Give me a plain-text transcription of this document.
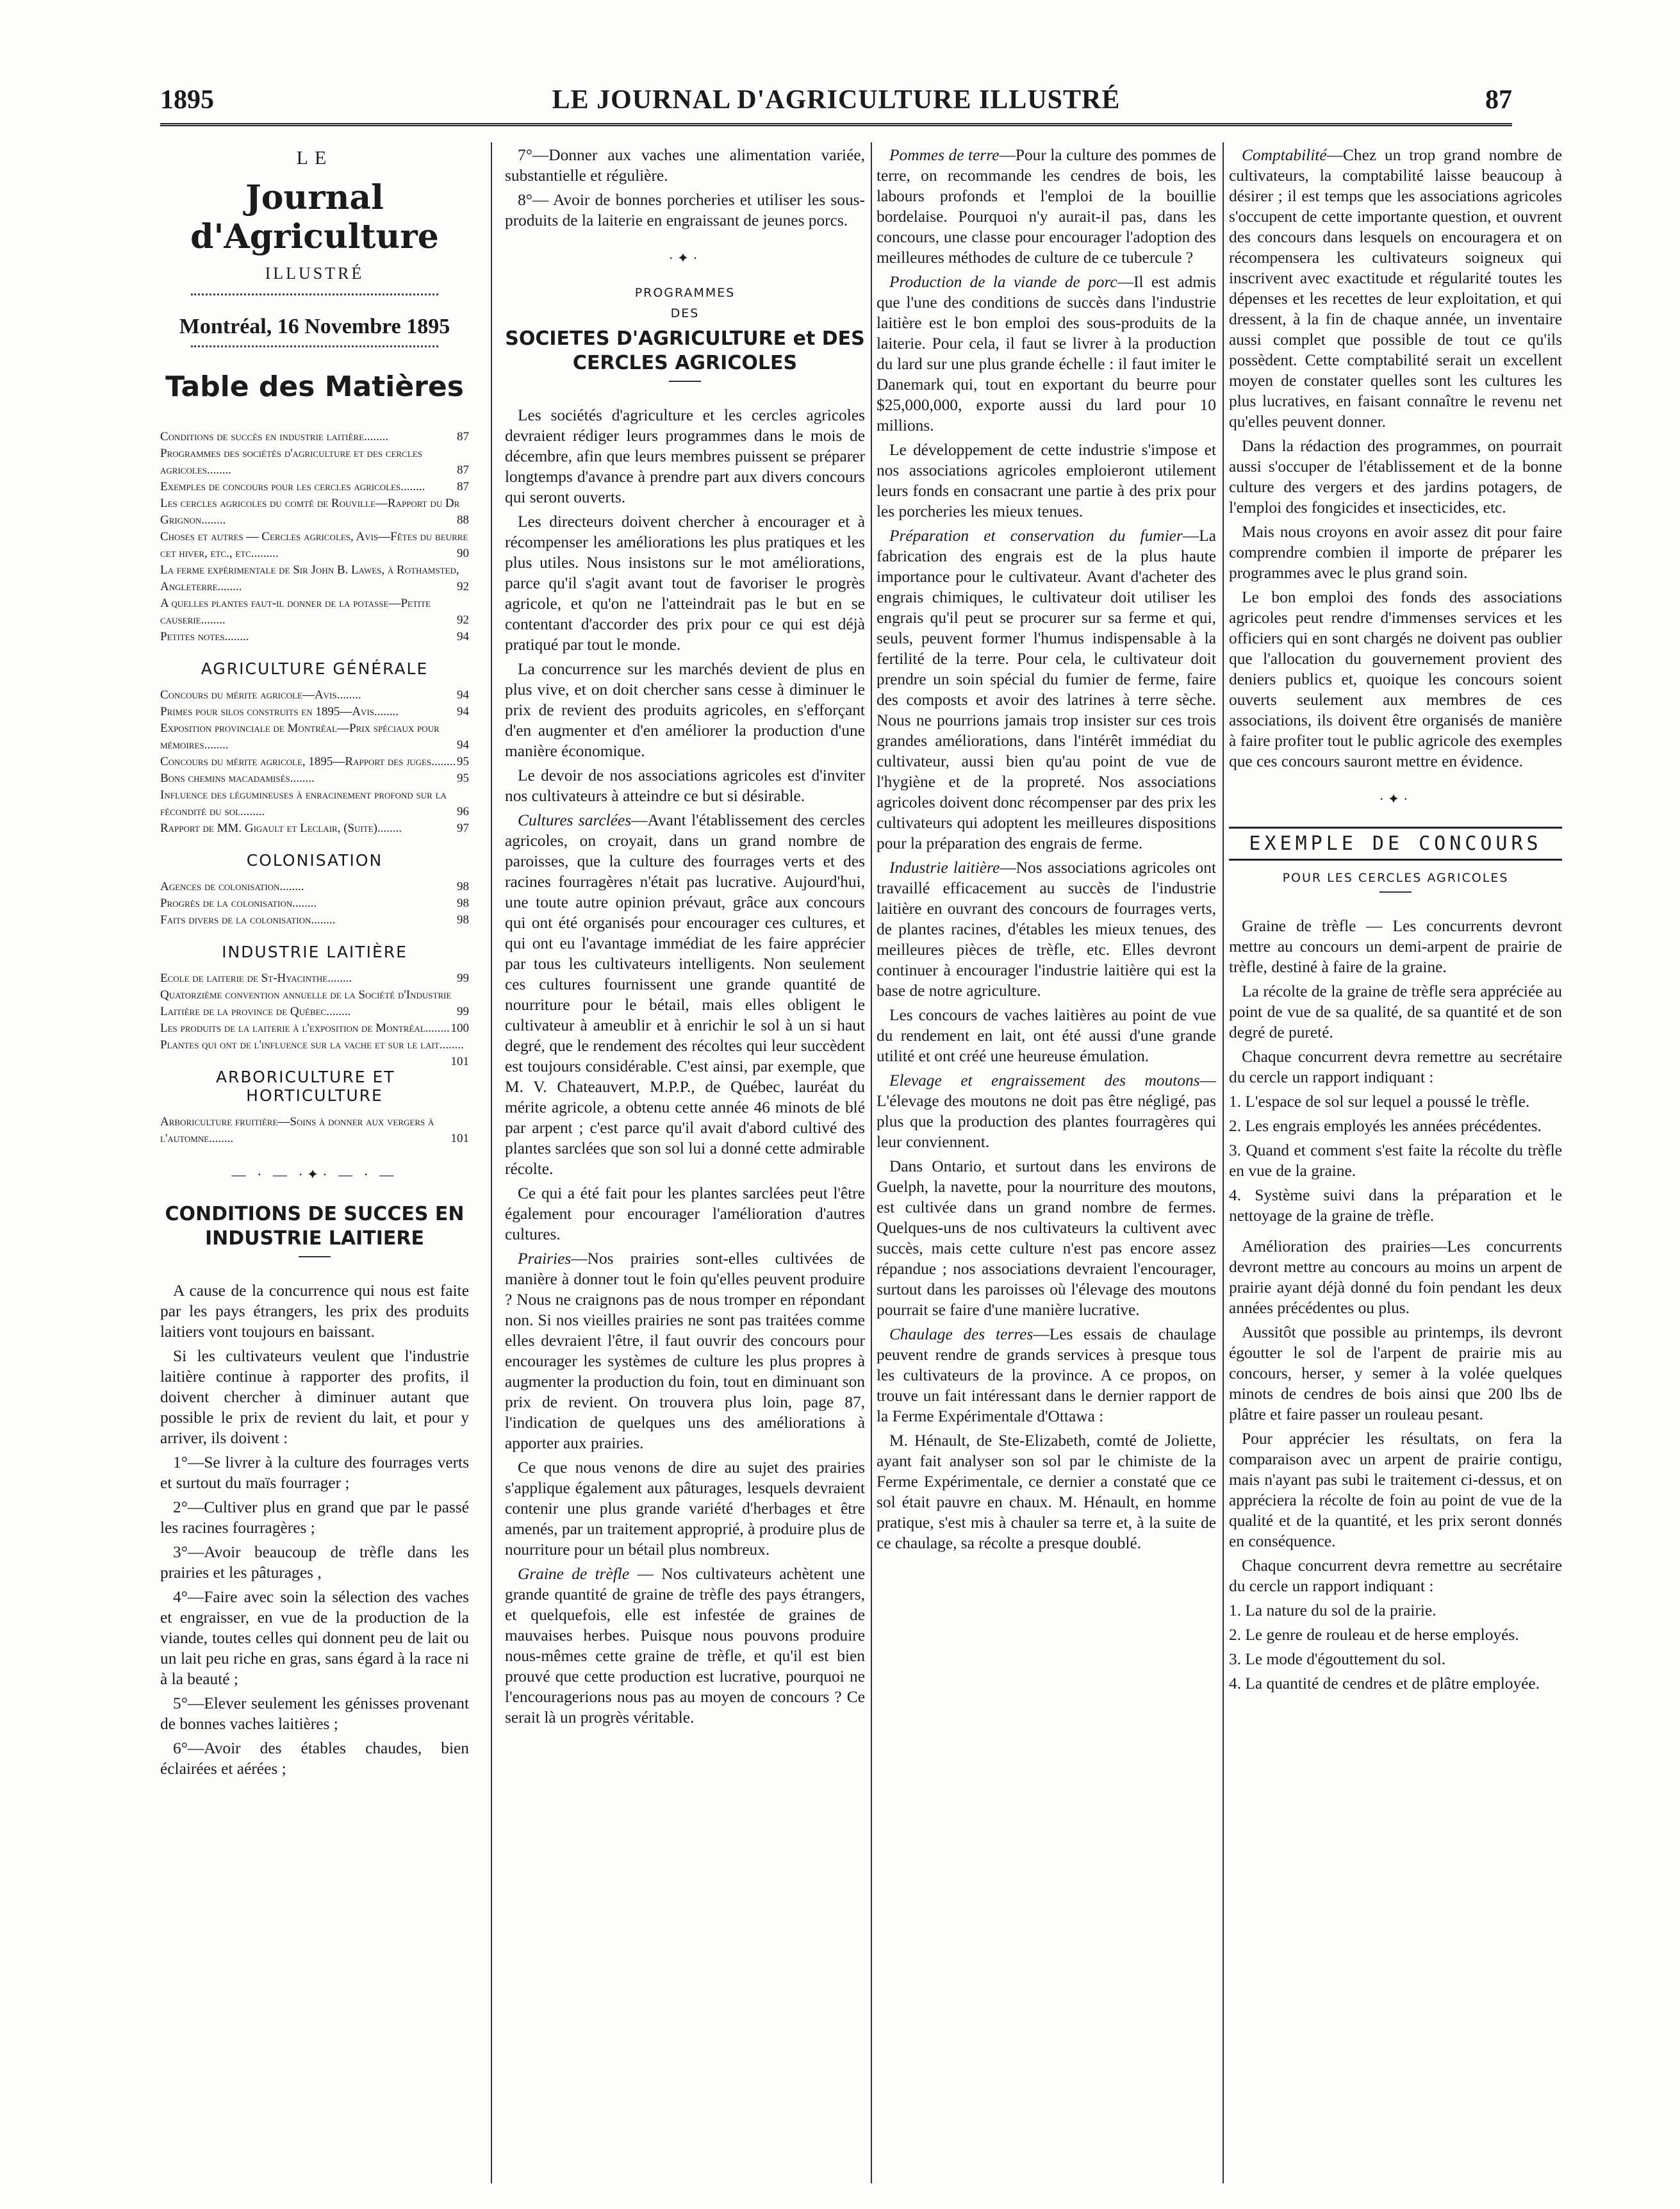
1895	LE JOURNAL D'AGRICULTURE ILLUSTRÉ	87
LE
Journal d'Agriculture
ILLUSTRÉ
Montréal, 16 Novembre 1895
Table des Matières

Conditions de succès en industrie laitière........	87

Programmes des sociétés d'agriculture et des cercles agricoles........	87

Exemples de concours pour les cercles agricoles........	87

Les cercles agricoles du comté de Rouville—Rapport du Dr Grignon........	88

Choses et autres — Cercles agricoles, Avis—Fêtes du beurre cet hiver, etc., etc.........	90

La ferme expérimentale de Sir John B. Lawes, à Rothamsted, Angleterre........	92

A quelles plantes faut-il donner de la potasse—Petite causerie........	92

Petites notes........	94

AGRICULTURE GÉNÉRALE

Concours du mérite agricole—Avis........	94

Primes pour silos construits en 1895—Avis........	94

Exposition provinciale de Montréal—Prix spéciaux pour mémoires........	94

Concours du mérite agricole, 1895—Rapport des juges........ 95

Bons chemins macadamisés........	95

Influence des légumineuses à enracinement profond sur la fécondité du sol........	96

Rapport de MM. Gigault et Leclair, (Suite)........	97

COLONISATION

Agences de colonisation........	98

Progrès de la colonisation........	98

Faits divers de la colonisation........	98

INDUSTRIE LAITIÈRE

Ecole de laiterie de St-Hyacinthe........	99

Quatorzième convention annuelle de la Société d'Industrie Laitière de la province de Québec........	99

Les produits de la laiterie à l'exposition de Montréal........ 100

Plantes qui ont de l'influence sur la vache et sur le lait........
101

ARBORICULTURE ET HORTICULTURE

Arboriculture fruitière—Soins à donner aux vergers à l'automne........	101

— · — ·✦· — · —
CONDITIONS DE SUCCES EN INDUSTRIE LAITIERE

A cause de la concurrence qui nous est faite par les pays étrangers, les prix des produits laitiers vont toujours en baissant.

Si les cultivateurs veulent que l'industrie laitière continue à rapporter des profits, il doivent chercher à diminuer autant que possible le prix de revient du lait, et pour y arriver, ils doivent :

1°—Se livrer à la culture des fourrages verts et surtout du maïs fourrager ;

2°—Cultiver plus en grand que par le passé les racines fourragères ;

3°—Avoir beaucoup de trèfle dans les prairies et les pâturages ,

4°—Faire avec soin la sélection des vaches et engraisser, en vue de la production de la viande, toutes celles qui donnent peu de lait ou un lait peu riche en gras, sans égard à la race ni à la beauté ;

5°—Elever seulement les génisses provenant de bonnes vaches laitières ;

6°—Avoir des étables chaudes, bien éclairées et aérées ;

7°—Donner aux vaches une alimentation variée, substantielle et régulière.

8°— Avoir de bonnes porcheries et utiliser les sous-produits de la laiterie en engraissant de jeunes porcs.

·✦·
PROGRAMMES
DES
SOCIETES D'AGRICULTURE et DES CERCLES AGRICOLES

Les sociétés d'agriculture et les cercles agricoles devraient rédiger leurs programmes dans le mois de décembre, afin que leurs membres puissent se préparer longtemps d'avance à prendre part aux divers concours qui seront ouverts.

Les directeurs doivent chercher à encourager et à récompenser les améliorations les plus pratiques et les plus utiles. Nous insistons sur le mot améliorations, parce qu'il s'agit avant tout de favoriser le progrès agricole, et qu'on ne l'atteindrait pas le but en se contentant d'accorder des prix pour ce qui est déjà pratiqué par tout le monde.

La concurrence sur les marchés devient de plus en plus vive, et on doit chercher sans cesse à diminuer le prix de revient des produits agricoles, en s'efforçant d'en augmenter et d'en améliorer la production d'une manière économique.

Le devoir de nos associations agricoles est d'inviter nos cultivateurs à atteindre ce but si désirable.

Cultures sarclées—Avant l'établissement des cercles agricoles, on croyait, dans un grand nombre de paroisses, que la culture des fourrages verts et des racines fourragères n'était pas lucrative. Aujourd'hui, une toute autre opinion prévaut, grâce aux concours qui ont été organisés pour encourager ces cultures, et qui ont eu l'avantage immédiat de les faire apprécier par tous les cultivateurs intelligents. Non seulement ces cultures fournissent une grande quantité de nourriture pour le bétail, mais elles obligent le cultivateur à ameublir et à enrichir le sol à un si haut degré, que le rendement des récoltes qui leur succèdent est toujours considérable. C'est ainsi, par exemple, que M. V. Chateauvert, M.P.P., de Québec, lauréat du mérite agricole, a obtenu cette année 46 minots de blé par arpent ; c'est parce qu'il avait d'abord cultivé des plantes sarclées que son sol lui a donné cette admirable récolte.

Ce qui a été fait pour les plantes sarclées peut l'être également pour encourager l'amélioration d'autres cultures.

Prairies—Nos prairies sont-elles cultivées de manière à donner tout le foin qu'elles peuvent produire ? Nous ne craignons pas de nous tromper en répondant non. Si nos vieilles prairies ne sont pas traitées comme elles devraient l'être, il faut ouvrir des concours pour encourager les systèmes de culture les plus propres à augmenter la production du foin, tout en diminuant son prix de revient. On trouvera plus loin, page 87, l'indication de quelques uns des améliorations à apporter aux prairies.

Ce que nous venons de dire au sujet des prairies s'applique également aux pâturages, lesquels devraient contenir une plus grande variété d'herbages et être amenés, par un traitement approprié, à produire plus de nourriture pour un bétail plus nombreux.

Graine de trèfle — Nos cultivateurs achètent une grande quantité de graine de trèfle des pays étrangers, et quelquefois, elle est infestée de graines de mauvaises herbes. Puisque nous pouvons produire nous-mêmes cette graine de trèfle, et qu'il est bien prouvé que cette production est lucrative, pourquoi ne l'encouragerions nous pas au moyen de concours ? Ce serait là un progrès véritable.

Pommes de terre—Pour la culture des pommes de terre, on recommande les cendres de bois, les labours profonds et l'emploi de la bouillie bordelaise. Pourquoi n'y aurait-il pas, dans les concours, une classe pour encourager l'adoption des meilleures méthodes de culture de ce tubercule ?

Production de la viande de porc—Il est admis que l'une des conditions de succès dans l'industrie laitière est le bon emploi des sous-produits de la laiterie. Pour cela, il faut se livrer à la production du lard sur une plus grande échelle : il faut imiter le Danemark qui, tout en exportant du beurre pour $25,000,000, exporte aussi du lard pour 10 millions.

Le développement de cette industrie s'impose et nos associations agricoles emploieront utilement leurs fonds en consacrant une partie à des prix pour les porcheries les mieux tenues.

Préparation et conservation du fumier—La fabrication des engrais est de la plus haute importance pour le cultivateur. Avant d'acheter des engrais chimiques, le cultivateur doit utiliser les engrais qu'il peut se procurer sur sa ferme et qui, seuls, peuvent former l'humus indispensable à la fertilité de la terre. Pour cela, le cultivateur doit prendre un soin spécial du fumier de ferme, faire des composts et avoir des latrines à terre sèche. Nous ne pourrions jamais trop insister sur ces trois grandes améliorations, dans l'intérêt immédiat du cultivateur, aussi bien qu'au point de vue de l'hygiène et de la propreté. Nos associations agricoles doivent donc récompenser par des prix les cultivateurs qui adoptent les meilleures dispositions pour la préparation des engrais de ferme.

Industrie laitière—Nos associations agricoles ont travaillé efficacement au succès de l'industrie laitière en ouvrant des concours de fourrages verts, de plantes racines, d'étables les mieux tenues, des meilleures pièces de trèfle, etc. Elles devront continuer à encourager l'industrie laitière qui est la base de notre agriculture.

Les concours de vaches laitières au point de vue du rendement en lait, ont été aussi d'une grande utilité et ont créé une heureuse émulation.

Elevage et engraissement des moutons—L'élevage des moutons ne doit pas être négligé, pas plus que la production des plantes fourragères qui leur conviennent.

Dans Ontario, et surtout dans les environs de Guelph, la navette, pour la nourriture des moutons, est cultivée dans un grand nombre de fermes. Quelques-uns de nos cultivateurs la cultivent avec succès, mais cette culture n'est pas encore assez répandue ; nos associations devraient l'encourager, surtout dans les paroisses où l'élevage des moutons pourrait se faire d'une manière lucrative.

Chaulage des terres—Les essais de chaulage peuvent rendre de grands services à presque tous les cultivateurs de la province. A ce propos, on trouve un fait intéressant dans le dernier rapport de la Ferme Expérimentale d'Ottawa :

M. Hénault, de Ste-Elizabeth, comté de Joliette, ayant fait analyser son sol par le chimiste de la Ferme Expérimentale, ce dernier a constaté que ce sol était pauvre en chaux. M. Hénault, en homme pratique, s'est mis à chauler sa terre et, à la suite de ce chaulage, sa récolte a presque doublé.

Comptabilité—Chez un trop grand nombre de cultivateurs, la comptabilité laisse beaucoup à désirer ; il est temps que les associations agricoles s'occupent de cette importante question, et ouvrent des concours dans lesquels on encouragera et on récompensera les cultivateurs soigneux qui inscrivent avec exactitude et régularité toutes les dépenses et les recettes de leur exploitation, et qui dressent, à la fin de chaque année, un inventaire aussi complet que possible de tout ce qu'ils possèdent. Cette comptabilité serait un excellent moyen de constater quelles sont les cultures les plus lucratives, en faisant connaître le revenu net qu'elles peuvent donner.

Dans la rédaction des programmes, on pourrait aussi s'occuper de l'établissement et de la bonne culture des vergers et des jardins potagers, de l'emploi des fongicides et insecticides, etc.

Mais nous croyons en avoir assez dit pour faire comprendre combien il importe de préparer les programmes avec le plus grand soin.

Le bon emploi des fonds des associations agricoles peut rendre d'immenses services et les officiers qui en sont chargés ne doivent pas oublier que l'allocation du gouvernement provient des deniers publics et, quoique les concours soient ouverts seulement aux membres de ces associations, ils doivent être organisés de manière à faire profiter tout le public agricole des exemples que ces concours sauront mettre en évidence.

·✦·
EXEMPLE DE CONCOURS
POUR LES CERCLES AGRICOLES

Graine de trèfle — Les concurrents devront mettre au concours un demi-arpent de prairie de trèfle, destiné à faire de la graine.

La récolte de la graine de trèfle sera appréciée au point de vue de sa qualité, de sa quantité et de son degré de pureté.

Chaque concurrent devra remettre au secrétaire du cercle un rapport indiquant :

1. L'espace de sol sur lequel a poussé le trèfle.

2. Les engrais employés les années précédentes.

3. Quand et comment s'est faite la récolte du trèfle en vue de la graine.

4. Système suivi dans la préparation et le nettoyage de la graine de trèfle.

Amélioration des prairies—Les concurrents devront mettre au concours au moins un arpent de prairie ayant déjà donné du foin pendant les deux années précédentes ou plus.

Aussitôt que possible au printemps, ils devront égoutter le sol de l'arpent de prairie mis au concours, herser, y semer à la volée quelques minots de cendres de bois ainsi que 200 lbs de plâtre et faire passer un rouleau pesant.

Pour apprécier les résultats, on fera la comparaison avec un arpent de prairie contigu, mais n'ayant pas subi le traitement ci-dessus, et on appréciera la récolte de foin au point de vue de la qualité et de la quantité, et les prix seront donnés en conséquence.

Chaque concurrent devra remettre au secrétaire du cercle un rapport indiquant :

1. La nature du sol de la prairie.

2. Le genre de rouleau et de herse employés.

3. Le mode d'égouttement du sol.

4. La quantité de cendres et de plâtre employée.
